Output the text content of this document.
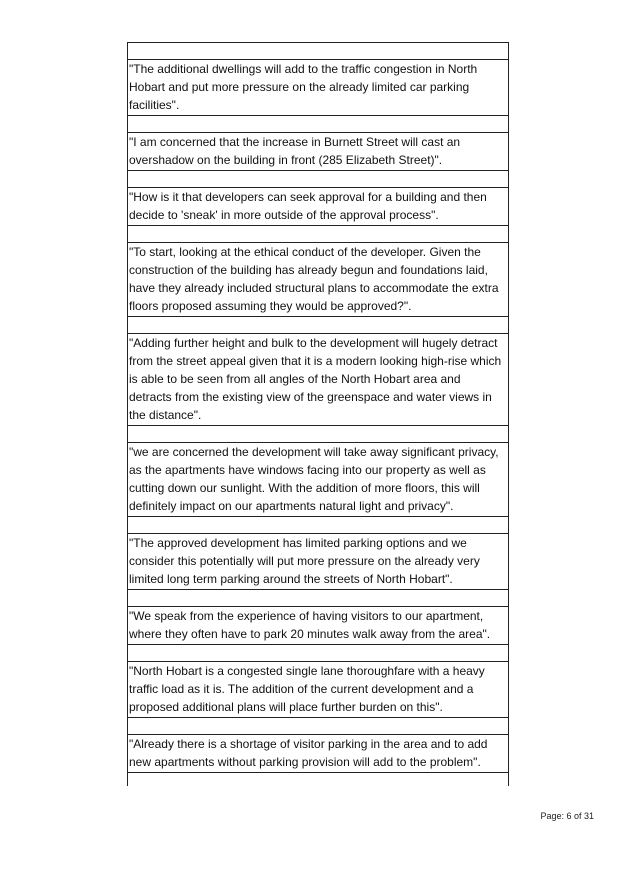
"The additional dwellings will add to the traffic congestion in North Hobart and put more pressure on the already limited car parking facilities".
"I am concerned that the increase in Burnett Street will cast an overshadow on the building in front (285 Elizabeth Street)".
"How is it that developers can seek approval for a building and then decide to 'sneak' in more outside of the approval process".
"To start, looking at the ethical conduct of the developer. Given the construction of the building has already begun and foundations laid, have they already included structural plans to accommodate the extra floors proposed assuming they would be approved?".
"Adding further height and bulk to the development will hugely detract from the street appeal given that it is a modern looking high-rise which is able to be seen from all angles of the North Hobart area and detracts from the existing view of the greenspace and water views in the distance".
"we are concerned the development will take away significant privacy, as the apartments have windows facing into our property as well as cutting down our sunlight. With the addition of more floors, this will definitely impact on our apartments natural light and privacy".
"The approved development has limited parking options and we consider this potentially will put more pressure on the already very limited long term parking around the streets of North Hobart".
"We speak from the experience of having visitors to our apartment, where they often have to park 20 minutes walk away from the area".
"North Hobart is a congested single lane thoroughfare with a heavy traffic load as it is. The addition of the current development and a proposed additional plans will place further burden on this".
"Already there is a shortage of visitor parking in the area and to add new apartments without parking provision will add to the problem".
Page: 6 of 31
